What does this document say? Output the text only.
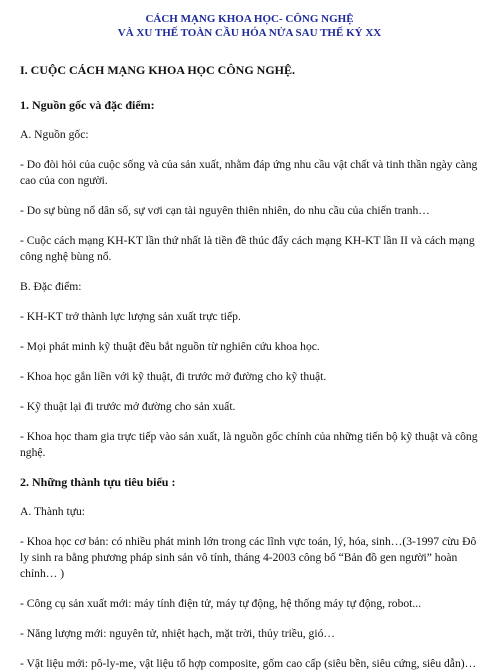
CÁCH MẠNG KHOA HỌC- CÔNG NGHỆ

VÀ XU THẾ TOÀN CẦU HÓA NỬA SAU THẾ KỶ XX

I. CUỘC CÁCH MẠNG KHOA HỌC CÔNG NGHỆ.

1. Nguồn gốc và đặc điểm:

A. Nguồn gốc:

- Do đòi hỏi của cuộc sống và của sản xuất, nhằm đáp ứng nhu cầu vật chất và tinh thần ngày càng cao của con người.

- Do sự bùng nổ dân số, sự vơi cạn tài nguyên thiên nhiên, do nhu cầu của chiến tranh…

- Cuộc cách mạng KH-KT lần thứ nhất là tiền đề thúc đẩy cách mạng KH-KT lần II và cách mạng công nghệ bùng nổ.

B. Đặc điểm:

- KH-KT trở thành lực lượng sản xuất trực tiếp.

- Mọi phát minh kỹ thuật đều bắt nguồn từ nghiên cứu khoa học.

- Khoa học gắn liền với kỹ thuật, đi trước mở đường cho kỹ thuật.

- Kỹ thuật lại đi trước mở đường cho sản xuất.

- Khoa học tham gia trực tiếp vào sản xuất, là nguồn gốc chính của những tiến bộ kỹ thuật và công nghệ.

2. Những thành tựu tiêu biểu :

A. Thành tựu:

- Khoa học cơ bản: có nhiều phát minh lớn trong các lĩnh vực toán, lý, hóa, sinh…(3-1997 cừu Đô ly sinh ra bằng phương pháp sinh sản vô tính, tháng 4-2003 công bố “Bản đồ gen người” hoàn chỉnh… )

- Công cụ sản xuất mới: máy tính điện tử, máy tự động, hệ thống máy tự động, robot...

- Năng lượng mới: nguyên tử, nhiệt hạch, mặt trời, thủy triều, gió…

- Vật liệu mới: pô-ly-me, vật liệu tổ hợp composite, gốm cao cấp (siêu bền, siêu cứng, siêu dẫn)…
